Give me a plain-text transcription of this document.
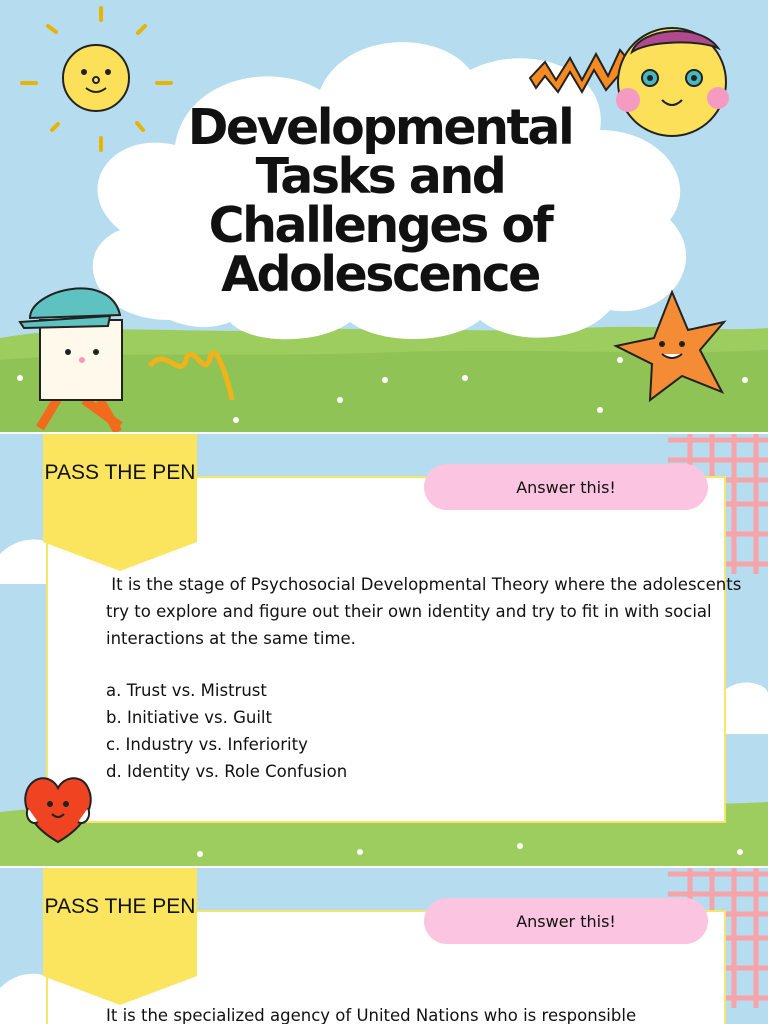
Developmental Tasks and Challenges of Adolescence
PASS THE PEN
Answer this!

It is the stage of Psychosocial Developmental Theory where the adolescents try to explore and figure out their own identity and try to fit in with social interactions at the same time.

a. Trust vs. Mistrust
b. Initiative vs. Guilt
c. Industry vs. Inferiority
d. Identity vs. Role Confusion
PASS THE PEN
Answer this!

It is the specialized agency of United Nations who is responsible
